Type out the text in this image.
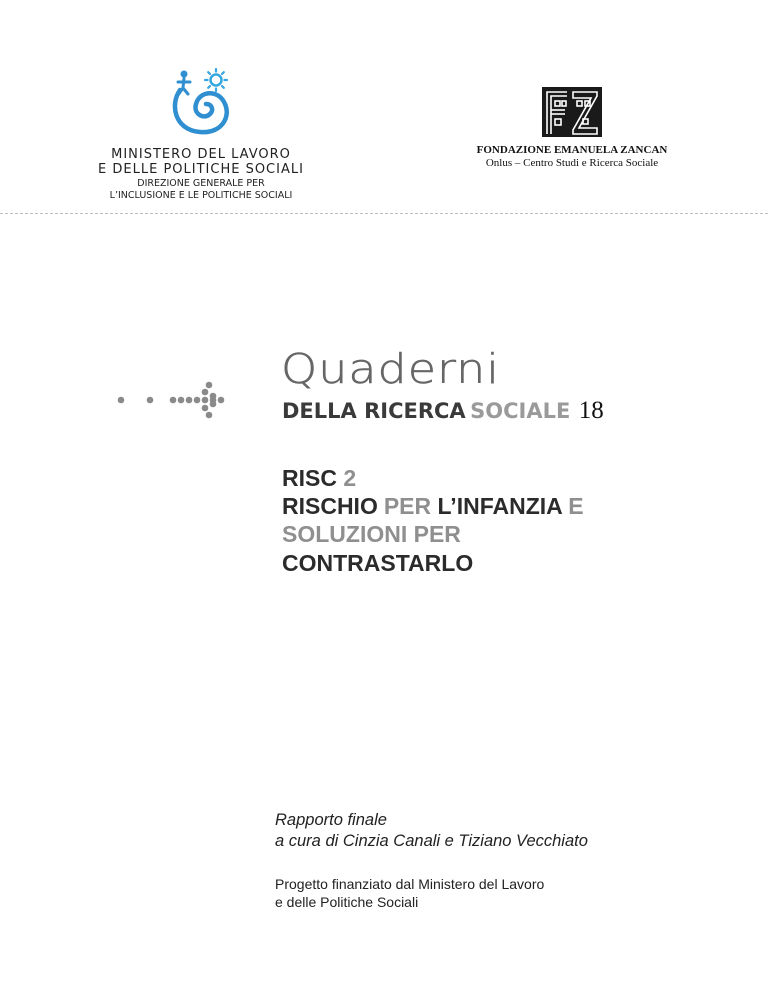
MINISTERO DEL LAVORO
E DELLE POLITICHE SOCIALI
DIREZIONE GENERALE PER
L’INCLUSIONE E LE POLITICHE SOCIALI
FONDAZIONE EMANUELA ZANCAN
Onlus – Centro Studi e Ricerca Sociale
Quaderni
DELLA RICERCA SOCIALE 18
RISC 2
RISCHIO PER L’INFANZIA E
SOLUZIONI PER
CONTRASTARLO
Rapporto finale
a cura di Cinzia Canali e Tiziano Vecchiato
Progetto finanziato dal Ministero del Lavoro
e delle Politiche Sociali
